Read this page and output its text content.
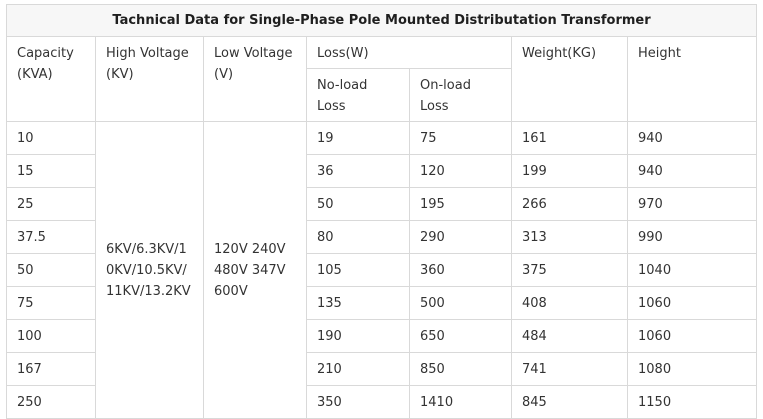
Tachnical Data for Single-Phase Pole Mounted Distributation Transformer						
Capacity (KVA)	High Voltage (KV)	Low Voltage (V)	Loss(W)		Weight(KG)	Height
			No-load Loss	On-load Loss		
10	6KV/6.3KV/10KV/10.5KV/11KV/13.2KV	120V 240V 480V 347V 600V	19	75	161	940
15			36	120	199	940
25			50	195	266	970
37.5			80	290	313	990
50			105	360	375	1040
75			135	500	408	1060
100			190	650	484	1060
167			210	850	741	1080
250			350	1410	845	1150
